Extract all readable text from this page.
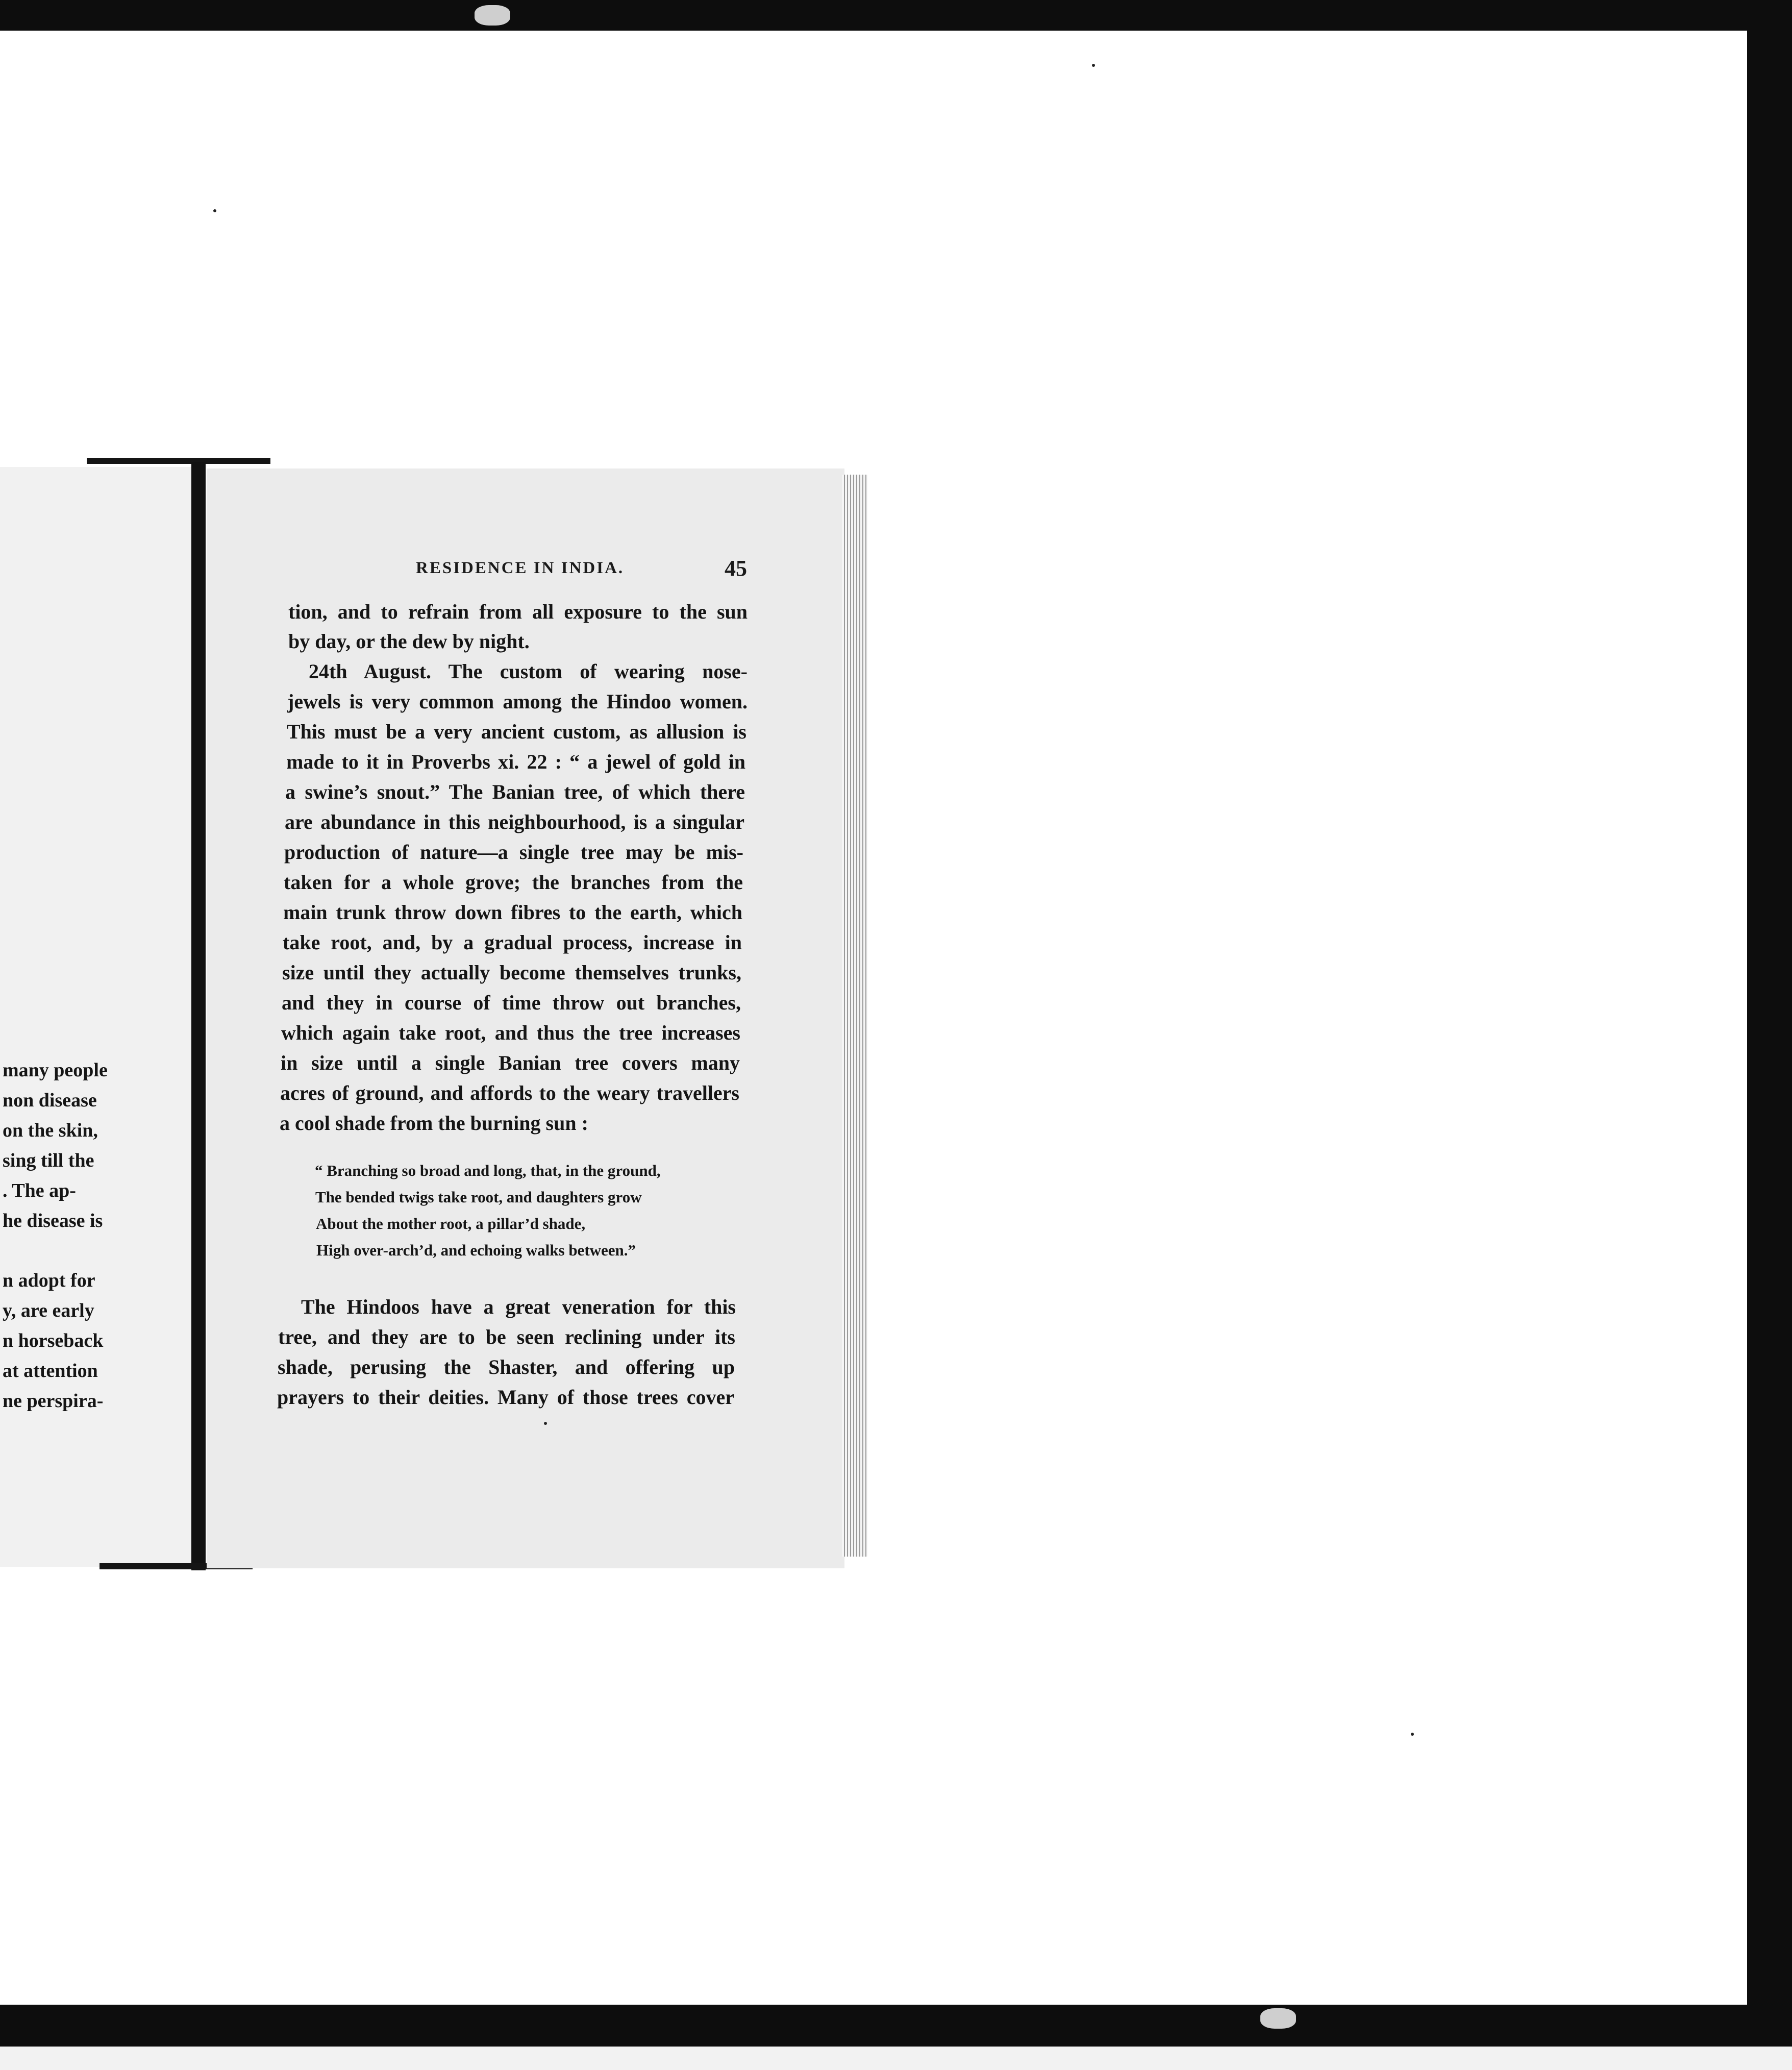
many people
non disease
on the skin,
sing till the
. The ap-
he disease is
n adopt for
y, are early
n horseback
at attention
ne perspira-
RESIDENCE IN INDIA.	45
tion, and to refrain from all exposure to the sun
by day, or the dew by night.
24th August. The custom of wearing nose-
jewels is very common among the Hindoo women.
This must be a very ancient custom, as allusion is
made to it in Proverbs xi. 22 : “ a jewel of gold in
a swine’s snout.” The Banian tree, of which there
are abundance in this neighbourhood, is a singular
production of nature—a single tree may be mis-
taken for a whole grove; the branches from the
main trunk throw down fibres to the earth, which
take root, and, by a gradual process, increase in
size until they actually become themselves trunks,
and they in course of time throw out branches,
which again take root, and thus the tree increases
in size until a single Banian tree covers many
acres of ground, and affords to the weary travellers
a cool shade from the burning sun :
“ Branching so broad and long, that, in the ground,
The bended twigs take root, and daughters grow
About the mother root, a pillar’d shade,
High over-arch’d, and echoing walks between.”
The Hindoos have a great veneration for this
tree, and they are to be seen reclining under its
shade, perusing the Shaster, and offering up
prayers to their deities. Many of those trees cover
